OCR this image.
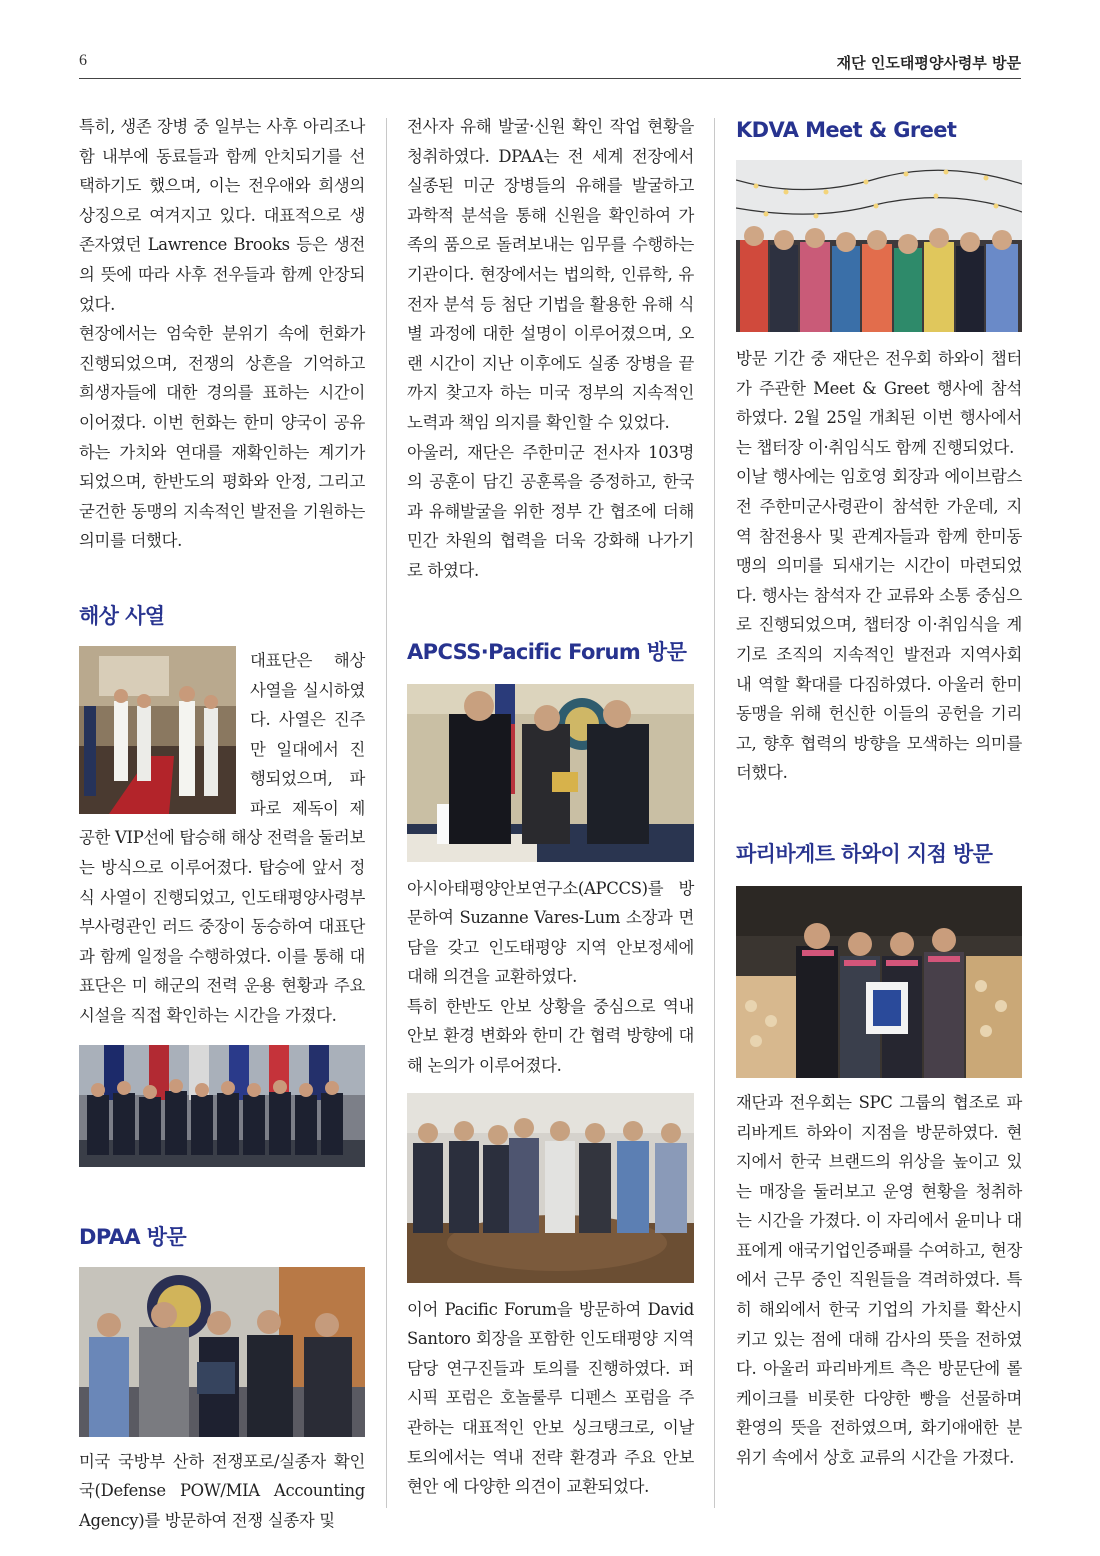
6	재단 인도태평양사령부 방문

특히, 생존 장병 중 일부는 사후 아리조나함 내부에 동료들과 함께 안치되기를 선택하기도 했으며, 이는 전우애와 희생의 상징으로 여겨지고 있다. 대표적으로 생존자였던 Lawrence Brooks 등은 생전의 뜻에 따라 사후 전우들과 함께 안장되었다.

현장에서는 엄숙한 분위기 속에 헌화가 진행되었으며, 전쟁의 상흔을 기억하고 희생자들에 대한 경의를 표하는 시간이 이어졌다. 이번 헌화는 한미 양국이 공유하는 가치와 연대를 재확인하는 계기가 되었으며, 한반도의 평화와 안정, 그리고 굳건한 동맹의 지속적인 발전을 기원하는 의미를 더했다.

해상 사열

대표단은 해상 사열을 실시하였다. 사열은 진주만 일대에서 진행되었으며, 파파로 제독이 제공한 VIP선에 탑승해 해상 전력을 둘러보는 방식으로 이루어졌다. 탑승에 앞서 정식 사열이 진행되었고, 인도태평양사령부 부사령관인 러드 중장이 동승하여 대표단과 함께 일정을 수행하였다. 이를 통해 대표단은 미 해군의 전력 운용 현황과 주요 시설을 직접 확인하는 시간을 가졌다.

DPAA 방문

미국 국방부 산하 전쟁포로/실종자 확인국(Defense POW/MIA Accounting Agency)를 방문하여 전쟁 실종자 및

전사자 유해 발굴·신원 확인 작업 현황을 청취하였다. DPAA는 전 세계 전장에서 실종된 미군 장병들의 유해를 발굴하고 과학적 분석을 통해 신원을 확인하여 가족의 품으로 돌려보내는 임무를 수행하는 기관이다. 현장에서는 법의학, 인류학, 유전자 분석 등 첨단 기법을 활용한 유해 식별 과정에 대한 설명이 이루어졌으며, 오랜 시간이 지난 이후에도 실종 장병을 끝까지 찾고자 하는 미국 정부의 지속적인 노력과 책임 의지를 확인할 수 있었다.

아울러, 재단은 주한미군 전사자 103명의 공훈이 담긴 공훈록을 증정하고, 한국과 유해발굴을 위한 정부 간 협조에 더해 민간 차원의 협력을 더욱 강화해 나가기로 하였다.

APCSS·Pacific Forum 방문

아시아태평양안보연구소(APCCS)를 방문하여 Suzanne Vares-Lum 소장과 면담을 갖고 인도태평양 지역 안보정세에 대해 의견을 교환하였다.

특히 한반도 안보 상황을 중심으로 역내 안보 환경 변화와 한미 간 협력 방향에 대해 논의가 이루어졌다.

이어 Pacific Forum을 방문하여 David Santoro 회장을 포함한 인도태평양 지역 담당 연구진들과 토의를 진행하였다. 퍼시픽 포럼은 호놀룰루 디펜스 포럼을 주관하는 대표적인 안보 싱크탱크로, 이날 토의에서는 역내 전략 환경과 주요 안보 현안 에 다양한 의견이 교환되었다.

KDVA Meet & Greet

방문 기간 중 재단은 전우회 하와이 챕터가 주관한 Meet & Greet 행사에 참석하였다. 2월 25일 개최된 이번 행사에서는 챕터장 이·취임식도 함께 진행되었다.

이날 행사에는 임호영 회장과 에이브람스 전 주한미군사령관이 참석한 가운데, 지역 참전용사 및 관계자들과 함께 한미동맹의 의미를 되새기는 시간이 마련되었다. 행사는 참석자 간 교류와 소통 중심으로 진행되었으며, 챕터장 이·취임식을 계기로 조직의 지속적인 발전과 지역사회 내 역할 확대를 다짐하였다. 아울러 한미동맹을 위해 헌신한 이들의 공헌을 기리고, 향후 협력의 방향을 모색하는 의미를 더했다.

파리바게트 하와이 지점 방문

재단과 전우회는 SPC 그룹의 협조로 파리바게트 하와이 지점을 방문하였다. 현지에서 한국 브랜드의 위상을 높이고 있는 매장을 둘러보고 운영 현황을 청취하는 시간을 가졌다. 이 자리에서 윤미나 대표에게 애국기업인증패를 수여하고, 현장에서 근무 중인 직원들을 격려하였다. 특히 해외에서 한국 기업의 가치를 확산시키고 있는 점에 대해 감사의 뜻을 전하였다. 아울러 파리바게트 측은 방문단에 롤케이크를 비롯한 다양한 빵을 선물하며 환영의 뜻을 전하였으며, 화기애애한 분위기 속에서 상호 교류의 시간을 가졌다.
